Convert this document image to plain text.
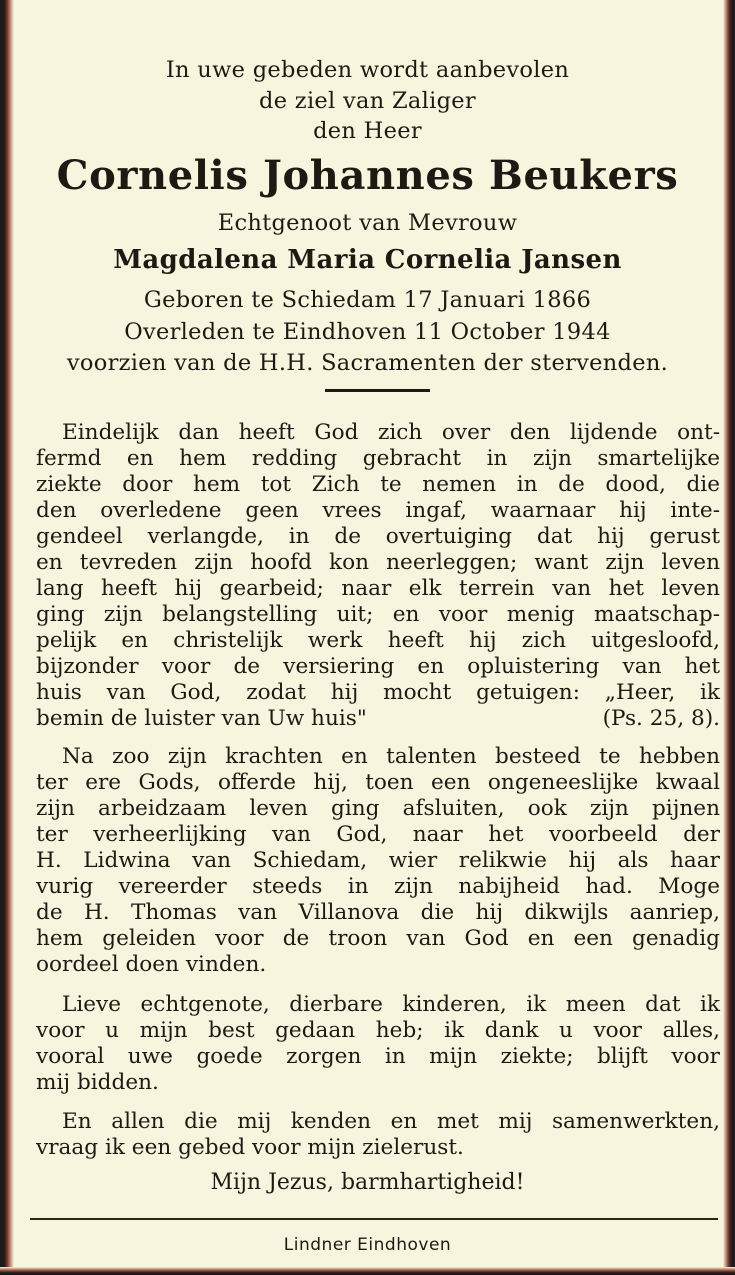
In uwe gebeden wordt aanbevolen
de ziel van Zaliger
den Heer
Cornelis Johannes Beukers
Echtgenoot van Mevrouw
Magdalena Maria Cornelia Jansen
Geboren te Schiedam 17 Januari 1866
Overleden te Eindhoven 11 October 1944
voorzien van de H.H. Sacramenten der stervenden.
Eindelijk dan heeft God zich over den lijdende ont-
fermd en hem redding gebracht in zijn smartelijke
ziekte door hem tot Zich te nemen in de dood, die
den overledene geen vrees ingaf, waarnaar hij inte-
gendeel verlangde, in de overtuiging dat hij gerust
en tevreden zijn hoofd kon neerleggen; want zijn leven
lang heeft hij gearbeid; naar elk terrein van het leven
ging zijn belangstelling uit; en voor menig maatschap-
pelijk en christelijk werk heeft hij zich uitgesloofd,
bijzonder voor de versiering en opluistering van het
huis van God, zodat hij mocht getuigen: „Heer, ik
bemin de luister van Uw huis"	(Ps. 25, 8).
Na zoo zijn krachten en talenten besteed te hebben
ter ere Gods, offerde hij, toen een ongeneeslijke kwaal
zijn arbeidzaam leven ging afsluiten, ook zijn pijnen
ter verheerlijking van God, naar het voorbeeld der
H. Lidwina van Schiedam, wier relikwie hij als haar
vurig vereerder steeds in zijn nabijheid had. Moge
de H. Thomas van Villanova die hij dikwijls aanriep,
hem geleiden voor de troon van God en een genadig
oordeel doen vinden.
Lieve echtgenote, dierbare kinderen, ik meen dat ik
voor u mijn best gedaan heb; ik dank u voor alles,
vooral uwe goede zorgen in mijn ziekte; blijft voor
mij bidden.
En allen die mij kenden en met mij samenwerkten,
vraag ik een gebed voor mijn zielerust.
Mijn Jezus, barmhartigheid!
Lindner Eindhoven
